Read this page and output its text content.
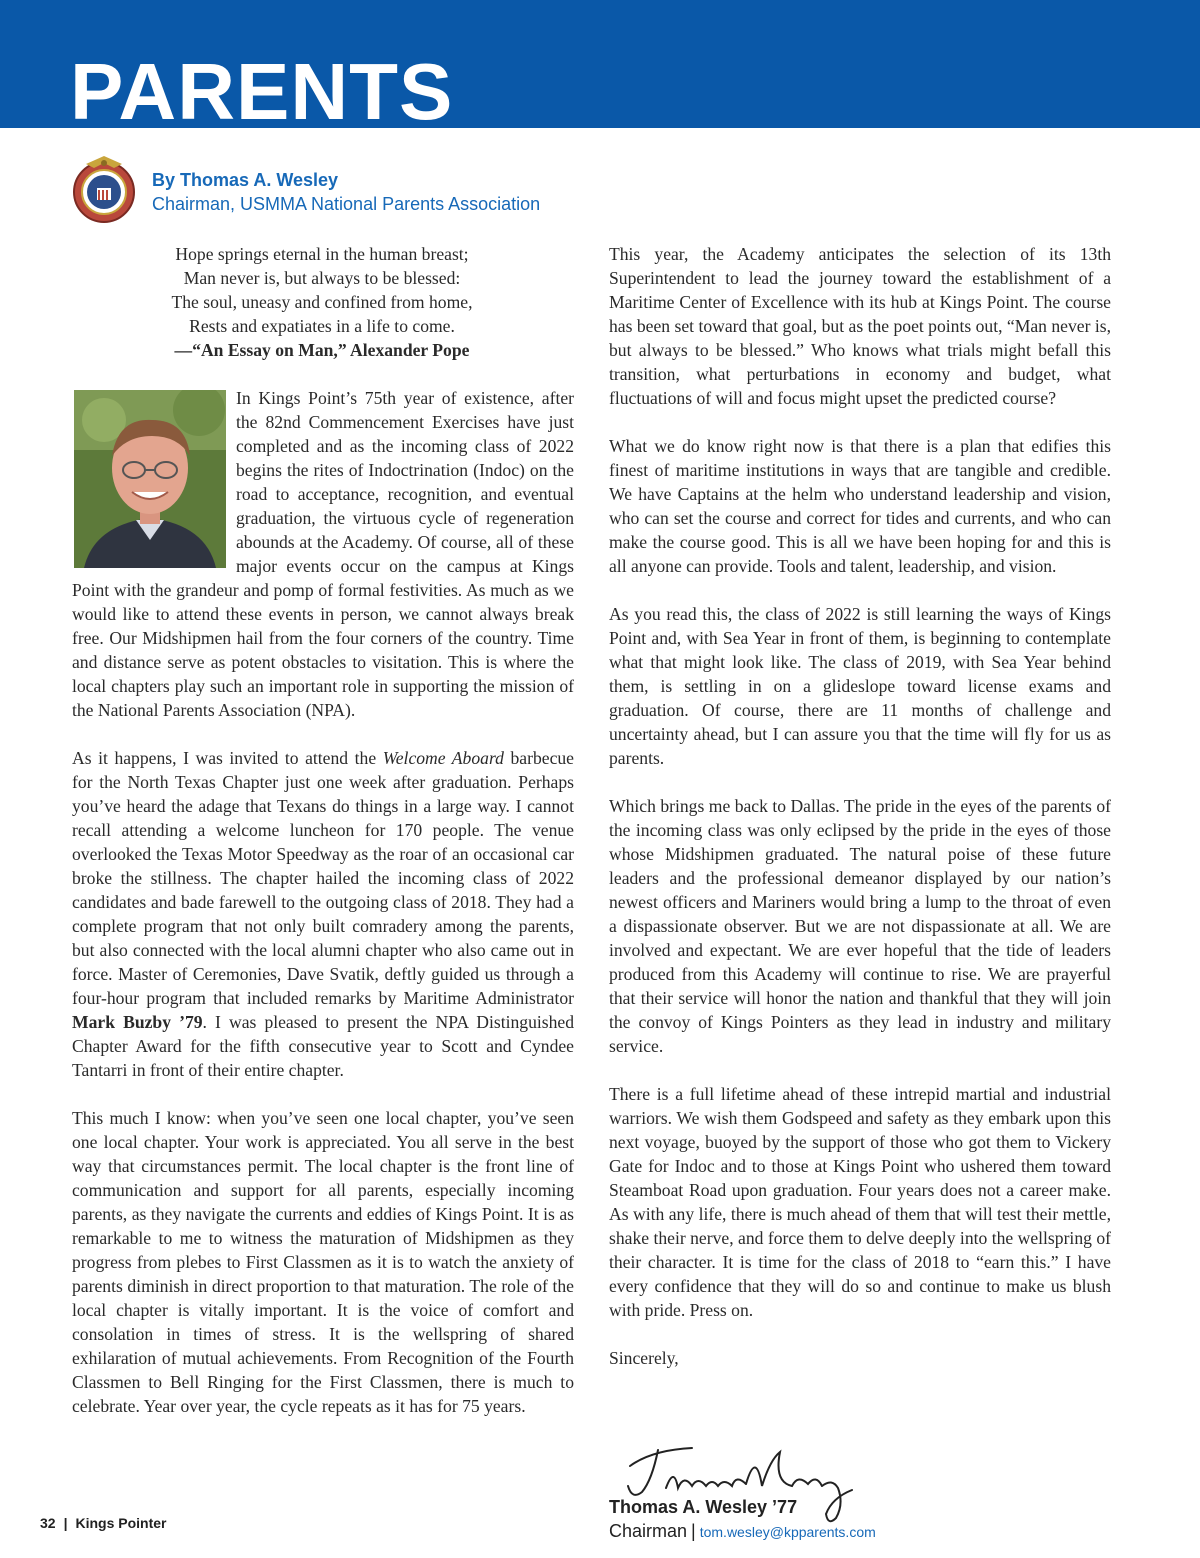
PARENTS
By Thomas A. Wesley
Chairman, USMMA National Parents Association
Hope springs eternal in the human breast;
Man never is, but always to be blessed:
The soul, uneasy and confined from home,
Rests and expatiates in a life to come.
—“An Essay on Man,” Alexander Pope

In Kings Point’s 75th year of existence, after the 82nd Commencement Exercises have just completed and as the incoming class of 2022 begins the rites of Indoctrination (Indoc) on the road to acceptance, recognition, and eventual graduation, the virtuous cycle of regeneration abounds at the Academy. Of course, all of these major events occur on the campus at Kings Point with the grandeur and pomp of formal festivities. As much as we would like to attend these events in person, we cannot always break free. Our Midshipmen hail from the four corners of the country. Time and distance serve as potent obstacles to visitation. This is where the local chapters play such an important role in supporting the mission of the National Parents Association (NPA).

As it happens, I was invited to attend the Welcome Aboard barbecue for the North Texas Chapter just one week after graduation. Perhaps you’ve heard the adage that Texans do things in a large way. I cannot recall attending a welcome luncheon for 170 people. The venue overlooked the Texas Motor Speedway as the roar of an occasional car broke the stillness. The chapter hailed the incoming class of 2022 candidates and bade farewell to the outgoing class of 2018. They had a complete program that not only built comradery among the parents, but also connected with the local alumni chapter who also came out in force. Master of Ceremonies, Dave Svatik, deftly guided us through a four-hour program that included remarks by Maritime Administrator Mark Buzby ’79. I was pleased to present the NPA Distinguished Chapter Award for the fifth consecutive year to Scott and Cyndee Tantarri in front of their entire chapter.

This much I know: when you’ve seen one local chapter, you’ve seen one local chapter. Your work is appreciated. You all serve in the best way that circumstances permit. The local chapter is the front line of communication and support for all parents, especially incoming parents, as they navigate the currents and eddies of Kings Point. It is as remarkable to me to witness the maturation of Midshipmen as they progress from plebes to First Classmen as it is to watch the anxiety of parents diminish in direct proportion to that maturation. The role of the local chapter is vitally important. It is the voice of comfort and consolation in times of stress. It is the wellspring of shared exhilaration of mutual achievements. From Recognition of the Fourth Classmen to Bell Ringing for the First Classmen, there is much to celebrate. Year over year, the cycle repeats as it has for 75 years.

This year, the Academy anticipates the selection of its 13th Superintendent to lead the journey toward the establishment of a Maritime Center of Excellence with its hub at Kings Point. The course has been set toward that goal, but as the poet points out, “Man never is, but always to be blessed.” Who knows what trials might befall this transition, what perturbations in economy and budget, what fluctuations of will and focus might upset the predicted course?

What we do know right now is that there is a plan that edifies this finest of maritime institutions in ways that are tangible and credible. We have Captains at the helm who understand leadership and vision, who can set the course and correct for tides and currents, and who can make the course good. This is all we have been hoping for and this is all anyone can provide. Tools and talent, leadership, and vision.

As you read this, the class of 2022 is still learning the ways of Kings Point and, with Sea Year in front of them, is beginning to contemplate what that might look like. The class of 2019, with Sea Year behind them, is settling in on a glideslope toward license exams and graduation. Of course, there are 11 months of challenge and uncertainty ahead, but I can assure you that the time will fly for us as parents.

Which brings me back to Dallas. The pride in the eyes of the parents of the incoming class was only eclipsed by the pride in the eyes of those whose Midshipmen graduated. The natural poise of these future leaders and the professional demeanor displayed by our nation’s newest officers and Mariners would bring a lump to the throat of even a dispassionate observer. But we are not dispassionate at all. We are involved and expectant. We are ever hopeful that the tide of leaders produced from this Academy will continue to rise. We are prayerful that their service will honor the nation and thankful that they will join the convoy of Kings Pointers as they lead in industry and military service.

There is a full lifetime ahead of these intrepid martial and industrial warriors. We wish them Godspeed and safety as they embark upon this next voyage, buoyed by the support of those who got them to Vickery Gate for Indoc and to those at Kings Point who ushered them toward Steamboat Road upon graduation. Four years does not a career make. As with any life, there is much ahead of them that will test their mettle, shake their nerve, and force them to delve deeply into the wellspring of their character. It is time for the class of 2018 to “earn this.” I have every confidence that they will do so and continue to make us blush with pride. Press on.

Sincerely,

Thomas A. Wesley ’77
Chairman | tom.wesley@kpparents.com
32 | Kings Pointer
